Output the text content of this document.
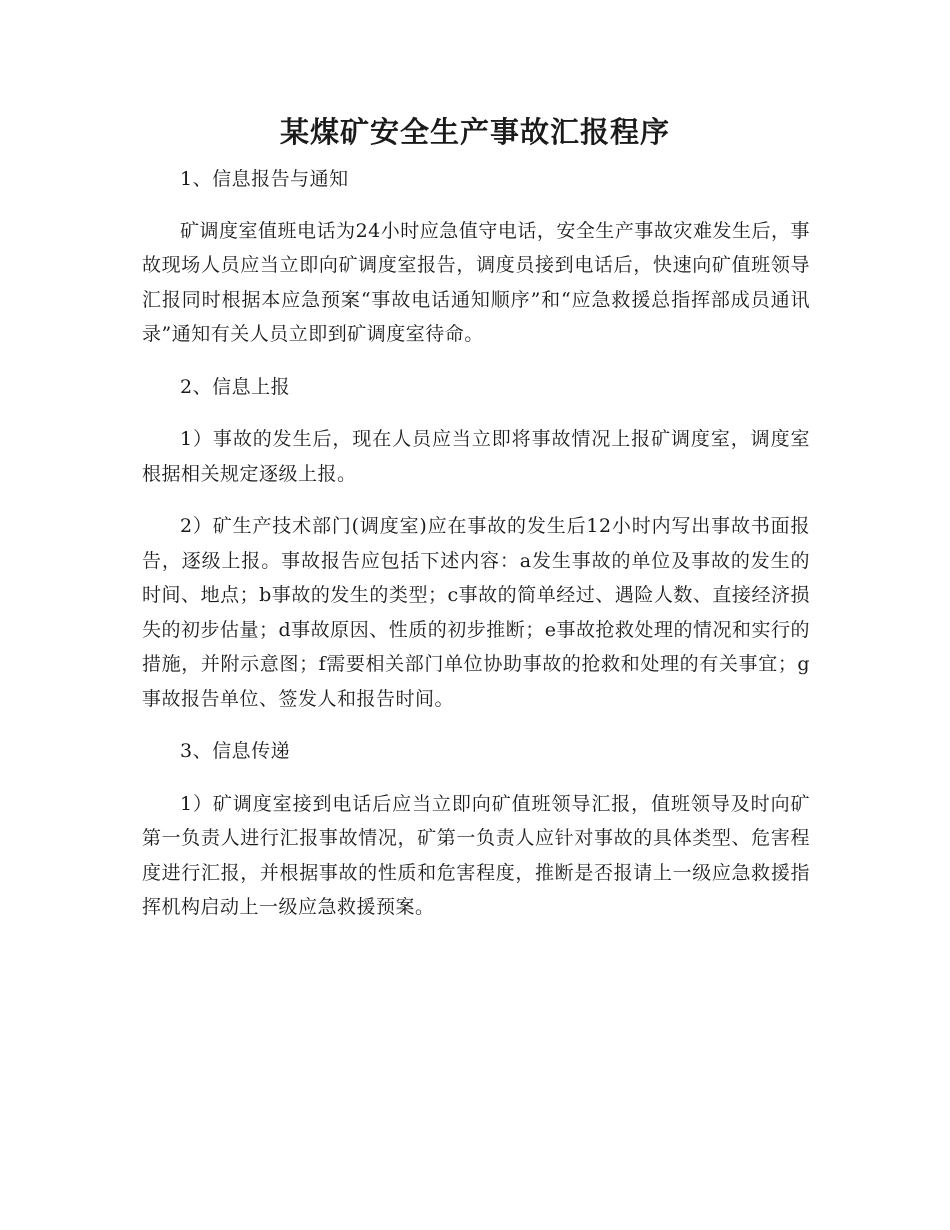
某煤矿安全生产事故汇报程序

1、信息报告与通知

矿调度室值班电话为24小时应急值守电话，安全生产事故灾难发生后，事故现场人员应当立即向矿调度室报告，调度员接到电话后，快速向矿值班领导汇报同时根据本应急预案“事故电话通知顺序”和“应急救援总指挥部成员通讯录”通知有关人员立即到矿调度室待命。

2、信息上报

1）事故的发生后，现在人员应当立即将事故情况上报矿调度室，调度室根据相关规定逐级上报。

2）矿生产技术部门(调度室)应在事故的发生后12小时内写出事故书面报告，逐级上报。事故报告应包括下述内容：a发生事故的单位及事故的发生的时间、地点；b事故的发生的类型；c事故的简单经过、遇险人数、直接经济损失的初步估量；d事故原因、性质的初步推断；e事故抢救处理的情况和实行的措施，并附示意图；f需要相关部门单位协助事故的抢救和处理的有关事宜；g事故报告单位、签发人和报告时间。

3、信息传递

1）矿调度室接到电话后应当立即向矿值班领导汇报，值班领导及时向矿第一负责人进行汇报事故情况，矿第一负责人应针对事故的具体类型、危害程度进行汇报，并根据事故的性质和危害程度，推断是否报请上一级应急救援指挥机构启动上一级应急救援预案。
